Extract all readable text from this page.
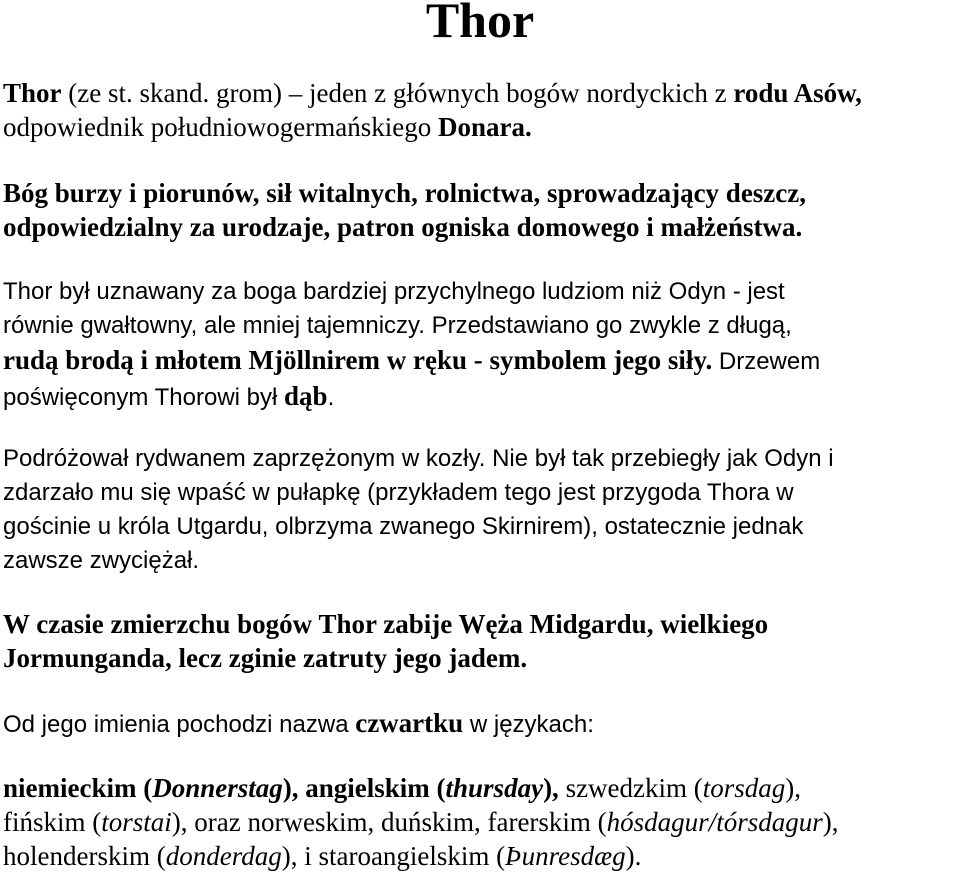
Thor

Thor (ze st. skand. grom) – jeden z głównych bogów nordyckich z rodu Asów,
odpowiednik południowogermańskiego Donara.

Bóg burzy i piorunów, sił witalnych, rolnictwa, sprowadzający deszcz,
odpowiedzialny za urodzaje, patron ogniska domowego i małżeństwa.

Thor był uznawany za boga bardziej przychylnego ludziom niż Odyn - jest
równie gwałtowny, ale mniej tajemniczy. Przedstawiano go zwykle z długą,
rudą brodą i młotem Mjöllnirem w ręku - symbolem jego siły. Drzewem
poświęconym Thorowi był dąb.

Podróżował rydwanem zaprzężonym w kozły. Nie był tak przebiegły jak Odyn i
zdarzało mu się wpaść w pułapkę (przykładem tego jest przygoda Thora w
gościnie u króla Utgardu, olbrzyma zwanego Skirnirem), ostatecznie jednak
zawsze zwyciężał.

W czasie zmierzchu bogów Thor zabije Węża Midgardu, wielkiego
Jormunganda, lecz zginie zatruty jego jadem.

Od jego imienia pochodzi nazwa czwartku w językach:

niemieckim (Donnerstag), angielskim (thursday), szwedzkim (torsdag),
fińskim (torstai), oraz norweskim, duńskim, farerskim (hósdagur/tórsdagur),
holenderskim (donderdag), i staroangielskim (Þunresdæg).
